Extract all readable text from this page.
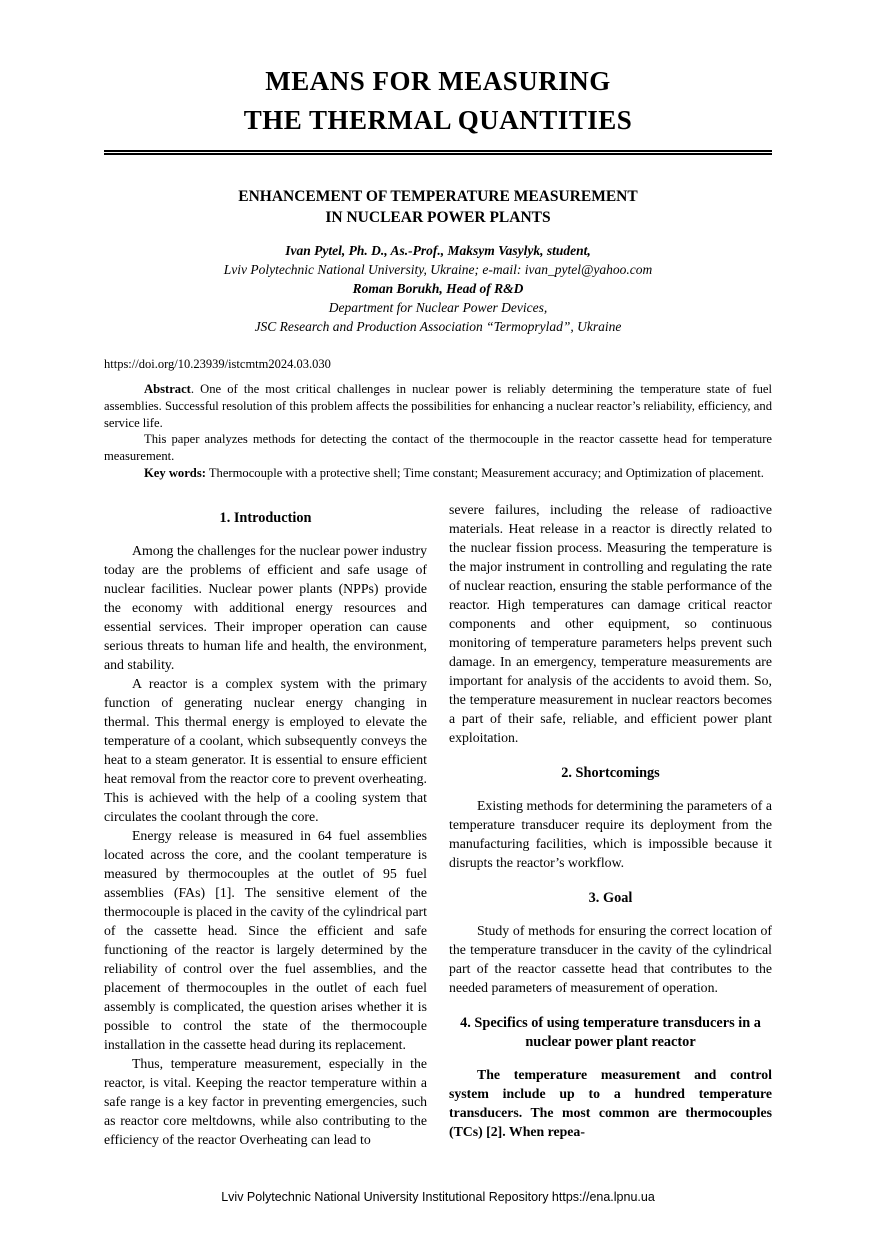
MEANS FOR MEASURING
THE THERMAL QUANTITIES
ENHANCEMENT OF TEMPERATURE MEASUREMENT
IN NUCLEAR POWER PLANTS
Ivan Pytel, Ph. D., As.-Prof., Maksym Vasylyk, student,
Lviv Polytechnic National University, Ukraine; e-mail: ivan_pytel@yahoo.com
Roman Borukh, Head of R&D
Department for Nuclear Power Devices,
JSC Research and Production Association “Termoprylad”, Ukraine
https://doi.org/10.23939/istcmtm2024.03.030

Abstract. One of the most critical challenges in nuclear power is reliably determining the temperature state of fuel assemblies. Successful resolution of this problem affects the possibilities for enhancing a nuclear reactor’s reliability, efficiency, and service life.

This paper analyzes methods for detecting the contact of the thermocouple in the reactor cassette head for temperature measurement.

Key words: Thermocouple with a protective shell; Time constant; Measurement accuracy; and Optimization of placement.

1. Introduction

Among the challenges for the nuclear power industry today are the problems of efficient and safe usage of nuclear facilities. Nuclear power plants (NPPs) provide the economy with additional energy resources and essential services. Their improper operation can cause serious threats to human life and health, the environment, and stability.

A reactor is a complex system with the primary function of generating nuclear energy changing in thermal. This thermal energy is employed to elevate the temperature of a coolant, which subsequently conveys the heat to a steam generator. It is essential to ensure efficient heat removal from the reactor core to prevent overheating. This is achieved with the help of a cooling system that circulates the coolant through the core.

Energy release is measured in 64 fuel assemblies located across the core, and the coolant temperature is measured by thermocouples at the outlet of 95 fuel assemblies (FAs) [1]. The sensitive element of the thermocouple is placed in the cavity of the cylindrical part of the cassette head. Since the efficient and safe functioning of the reactor is largely determined by the reliability of control over the fuel assemblies, and the placement of thermocouples in the outlet of each fuel assembly is complicated, the question arises whether it is possible to control the state of the thermocouple installation in the cassette head during its replacement.

Thus, temperature measurement, especially in the reactor, is vital. Keeping the reactor temperature within a safe range is a key factor in preventing emergencies, such as reactor core meltdowns, while also contributing to the efficiency of the reactor Overheating can lead to

severe failures, including the release of radioactive materials. Heat release in a reactor is directly related to the nuclear fission process. Measuring the temperature is the major instrument in controlling and regulating the rate of nuclear reaction, ensuring the stable performance of the reactor. High temperatures can damage critical reactor components and other equipment, so continuous monitoring of temperature parameters helps prevent such damage. In an emergency, temperature measurements are important for analysis of the accidents to avoid them. So, the temperature measurement in nuclear reactors becomes a part of their safe, reliable, and efficient power plant exploitation.

2. Shortcomings

Existing methods for determining the parameters of a temperature transducer require its deployment from the manufacturing facilities, which is impossible because it disrupts the reactor’s workflow.

3. Goal

Study of methods for ensuring the correct location of the temperature transducer in the cavity of the cylindrical part of the reactor cassette head that contributes to the needed parameters of measurement of operation.

4. Specifics of using temperature transducers in a nuclear power plant reactor

The temperature measurement and control system include up to a hundred temperature transducers. The most common are thermocouples (TCs) [2]. When repea-

Lviv Polytechnic National University Institutional Repository https://ena.lpnu.ua
